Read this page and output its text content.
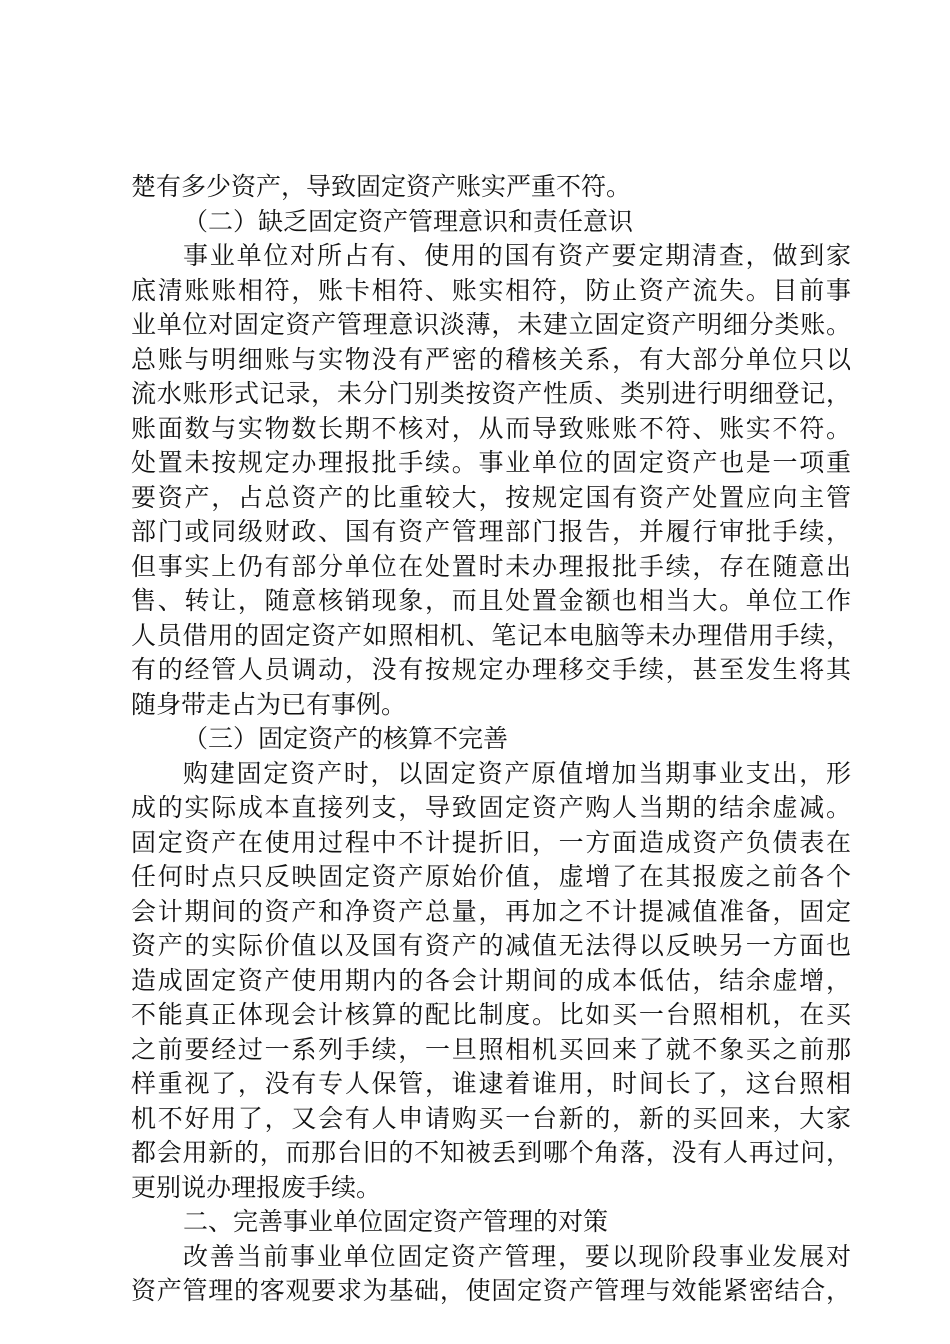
楚有多少资产，导致固定资产账实严重不符。
（二）缺乏固定资产管理意识和责任意识
事业单位对所占有、使用的国有资产要定期清查，做到家
底清账账相符，账卡相符、账实相符，防止资产流失。目前事
业单位对固定资产管理意识淡薄，未建立固定资产明细分类账。
总账与明细账与实物没有严密的稽核关系，有大部分单位只以
流水账形式记录，未分门别类按资产性质、类别进行明细登记，
账面数与实物数长期不核对，从而导致账账不符、账实不符。
处置未按规定办理报批手续。事业单位的固定资产也是一项重
要资产，占总资产的比重较大，按规定国有资产处置应向主管
部门或同级财政、国有资产管理部门报告，并履行审批手续，
但事实上仍有部分单位在处置时未办理报批手续，存在随意出
售、转让，随意核销现象，而且处置金额也相当大。单位工作
人员借用的固定资产如照相机、笔记本电脑等未办理借用手续，
有的经管人员调动，没有按规定办理移交手续，甚至发生将其
随身带走占为已有事例。
（三）固定资产的核算不完善
购建固定资产时，以固定资产原值增加当期事业支出，形
成的实际成本直接列支，导致固定资产购人当期的结余虚减。
固定资产在使用过程中不计提折旧，一方面造成资产负债表在
任何时点只反映固定资产原始价值，虚增了在其报废之前各个
会计期间的资产和净资产总量，再加之不计提减值准备，固定
资产的实际价值以及国有资产的减值无法得以反映另一方面也
造成固定资产使用期内的各会计期间的成本低估，结余虚增，
不能真正体现会计核算的配比制度。比如买一台照相机，在买
之前要经过一系列手续，一旦照相机买回来了就不象买之前那
样重视了，没有专人保管，谁逮着谁用，时间长了，这台照相
机不好用了，又会有人申请购买一台新的，新的买回来，大家
都会用新的，而那台旧的不知被丢到哪个角落，没有人再过问，
更别说办理报废手续。
二、完善事业单位固定资产管理的对策
改善当前事业单位固定资产管理，要以现阶段事业发展对
资产管理的客观要求为基础，使固定资产管理与效能紧密结合，
